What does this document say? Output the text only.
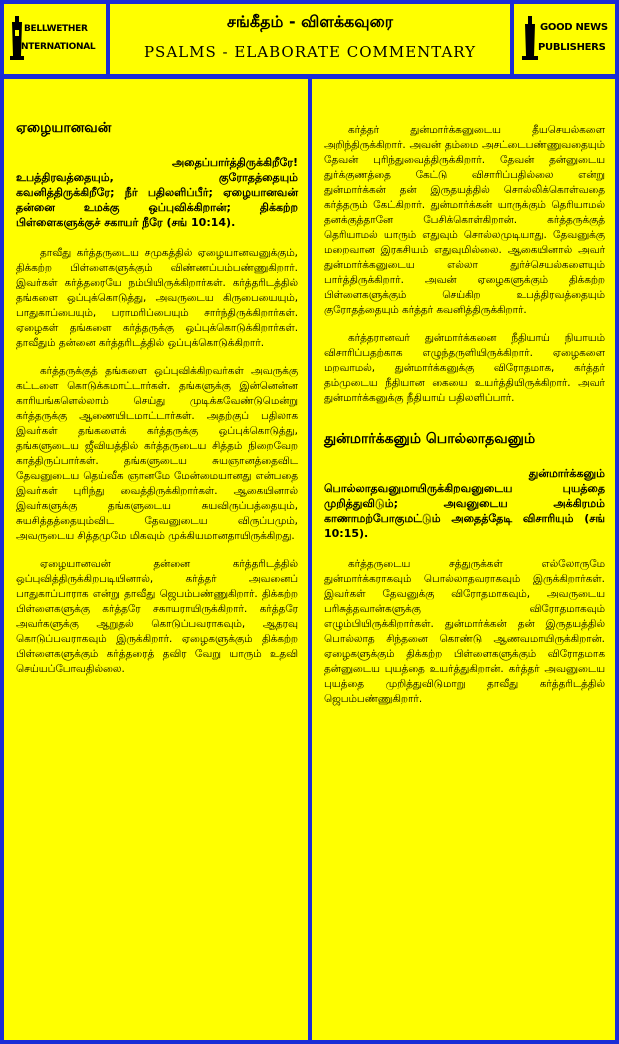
BELLWETHER
INTERNATIONAL
சங்கீதம் - விளக்கவுரை
PSALMS - ELABORATE COMMENTARY
GOOD NEWS
PUBLISHERS
ஏழையானவன்
அதைப்பார்த்திருக்கிறீரே!
உபத்திரவத்தையும், குரோதத்தையும் கவனித்திருக்கிறீரே; நீர் பதிலளிப்பீர்; ஏழையானவன் தன்னை உமக்கு ஒப்புவிக்கிறான்; திக்கற்ற பிள்ளைகளுக்குச் சகாயர் நீரே (சங் 10:14).

தாவீது கர்த்தருடைய சமுகத்தில் ஏழையானவனுக்கும், திக்கற்ற பிள்ளைகளுக்கும் விண்ணப்பம்பண்ணுகிறார். இவர்கள் கர்த்தரையே நம்பியிருக்கிறார்கள். கர்த்தரிடத்தில் தங்களை ஒப்புக்கொடுத்து, அவருடைய கிருபையையும், பாதுகாப்பையும், பராமரிப்பையும் சார்ந்திருக்கிறார்கள். ஏழைகள் தங்களை கர்த்தருக்கு ஒப்புக்கொடுக்கிறார்கள். தாவீதும் தன்னை கர்த்தரிடத்தில் ஒப்புக்கொடுக்கிறார்.

கர்த்தருக்குத் தங்களை ஒப்புவிக்கிறவர்கள் அவருக்கு கட்டளை கொடுக்கமாட்டார்கள். தங்களுக்கு இன்னென்ன காரியங்களெல்லாம் செய்து முடிக்கவேண்டுமென்று கர்த்தருக்கு ஆணையிடமாட்டார்கள். அதற்குப் பதிலாக இவர்கள் தங்களைக் கர்த்தருக்கு ஒப்புக்கொடுத்து, தங்களுடைய ஜீவியத்தில் கர்த்தருடைய சித்தம் நிறைவேற காத்திருப்பார்கள். தங்களுடைய சுயஞானத்தைவிட தேவனுடைய தெய்வீக ஞானமே மேன்மையானது என்பதை இவர்கள் புரிந்து வைத்திருக்கிறார்கள். ஆகையினால் இவர்களுக்கு தங்களுடைய சுயவிருப்பத்தையும், சுயசித்தத்தையும்விட தேவனுடைய விருப்பமும், அவருடைய சித்தமுமே மிகவும் முக்கியமானதாயிருக்கிறது.

ஏழையானவன் தன்னை கர்த்தரிடத்தில் ஒப்புவித்திருக்கிறபடியினால், கர்த்தர் அவனைப் பாதுகாப்பாராக என்று தாவீது ஜெபம்பண்ணுகிறார். திக்கற்ற பிள்ளைகளுக்கு கர்த்தரே சகாயராயிருக்கிறார். கர்த்தரே அவர்களுக்கு ஆறுதல் கொடுப்பவராகவும், ஆதரவு கொடுப்பவராகவும் இருக்கிறார். ஏழைகளுக்கும் திக்கற்ற பிள்ளைகளுக்கும் கர்த்தரைத் தவிர வேறு யாரும் உதவி செய்யப்போவதில்லை.

கர்த்தர் துன்மார்க்கனுடைய தீயசெயல்களை அறிந்திருக்கிறார். அவன் தம்மை அசட்டைபண்ணுவதையும் தேவன் புரிந்துவைத்திருக்கிறார். தேவன் தன்னுடைய துர்க்குணத்தை கேட்டு விசாரிப்பதில்லை என்று துன்மார்க்கன் தன் இருதயத்தில் சொல்லிக்கொள்வதை கர்த்தரும் கேட்கிறார். துன்மார்க்கன் யாருக்கும் தெரியாமல் தனக்குத்தானே பேசிக்கொள்கிறான். கர்த்தருக்குத் தெரியாமல் யாரும் எதுவும் சொல்லமுடியாது. தேவனுக்கு மறைவான இரகசியம் எதுவுமில்லை. ஆகையினால் அவர் துன்மார்க்கனுடைய எல்லா துர்ச்செயல்களையும் பார்த்திருக்கிறார். அவன் ஏழைகளுக்கும் திக்கற்ற பிள்ளைகளுக்கும் செய்கிற உபத்திரவத்தையும் குரோதத்தையும் கர்த்தர் கவனித்திருக்கிறார்.

கர்த்தரானவர் துன்மார்க்கனை நீதியாய் நியாயம் விசாரிப்பதற்காக எழுந்தருளியிருக்கிறார். ஏழைகளை மறவாமல், துன்மார்க்கனுக்கு விரோதமாக, கர்த்தர் தம்முடைய நீதியான கையை உயர்த்தியிருக்கிறார். அவர் துன்மார்க்கனுக்கு நீதியாய் பதிலளிப்பார்.

துன்மார்க்கனும் பொல்லாதவனும்
துன்மார்க்கனும்
பொல்லாதவனுமாயிருக்கிறவனுடைய புயத்தை முறித்துவிடும்; அவனுடைய அக்கிரமம் காணாமற்போகுமட்டும் அதைத்தேடி விசாரியும் (சங் 10:15).

கர்த்தருடைய சத்துருக்கள் எல்லோருமே துன்மார்க்கராகவும் பொல்லாதவராகவும் இருக்கிறார்கள். இவர்கள் தேவனுக்கு விரோதமாகவும், அவருடைய பரிசுத்தவான்களுக்கு விரோதமாகவும் எழும்பியிருக்கிறார்கள். துன்மார்க்கன் தன் இருதயத்தில் பொல்லாத சிந்தனை கொண்டு ஆணவமாயிருக்கிறான். ஏழைகளுக்கும் திக்கற்ற பிள்ளைகளுக்கும் விரோதமாக தன்னுடைய புயத்தை உயர்த்துகிறான். கர்த்தர் அவனுடைய புயத்தை முறித்துவிடுமாறு தாவீது கர்த்தரிடத்தில் ஜெபம்பண்ணுகிறார்.
